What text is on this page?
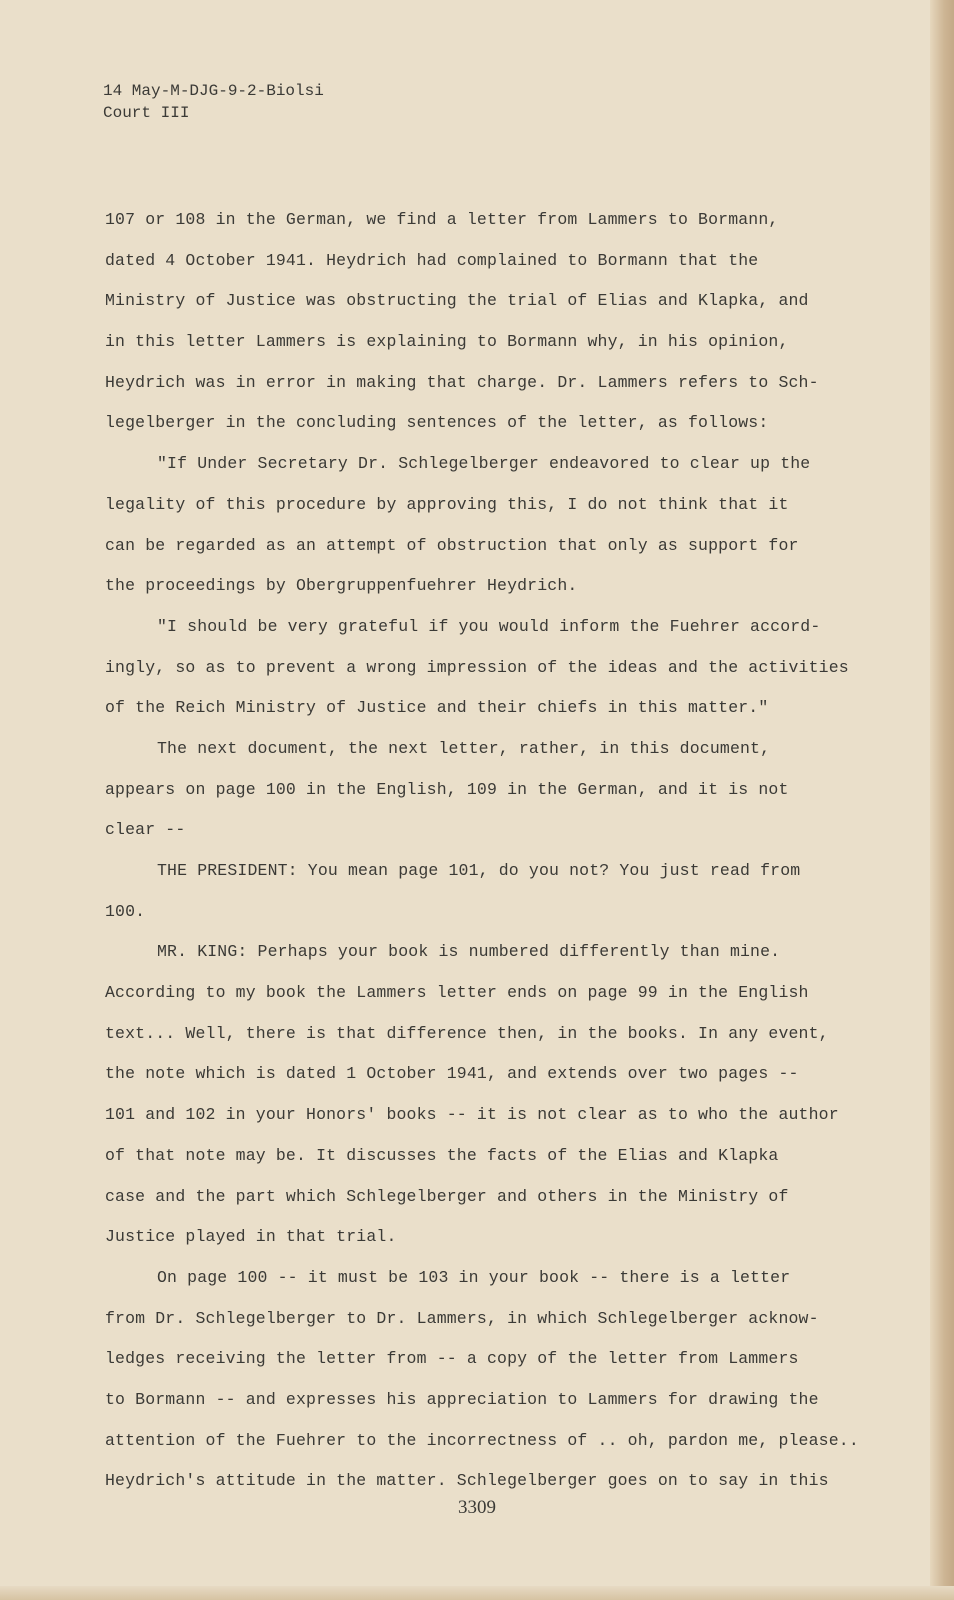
14 May-M-DJG-9-2-Biolsi
Court III
107 or 108 in the German, we find a letter from Lammers to Bormann,
dated 4 October 1941. Heydrich had complained to Bormann that the
Ministry of Justice was obstructing the trial of Elias and Klapka, and
in this letter Lammers is explaining to Bormann why, in his opinion,
Heydrich was in error in making that charge. Dr. Lammers refers to Sch-
legelberger in the concluding sentences of the letter, as follows:
"If Under Secretary Dr. Schlegelberger endeavored to clear up the
legality of this procedure by approving this, I do not think that it
can be regarded as an attempt of obstruction that only as support for
the proceedings by Obergruppenfuehrer Heydrich.
"I should be very grateful if you would inform the Fuehrer accord-
ingly, so as to prevent a wrong impression of the ideas and the activities
of the Reich Ministry of Justice and their chiefs in this matter."
The next document, the next letter, rather, in this document,
appears on page 100 in the English, 109 in the German, and it is not
clear --
THE PRESIDENT: You mean page 101, do you not? You just read from
100.
MR. KING: Perhaps your book is numbered differently than mine.
According to my book the Lammers letter ends on page 99 in the English
text... Well, there is that difference then, in the books. In any event,
the note which is dated 1 October 1941, and extends over two pages --
101 and 102 in your Honors' books -- it is not clear as to who the author
of that note may be. It discusses the facts of the Elias and Klapka
case and the part which Schlegelberger and others in the Ministry of
Justice played in that trial.
On page 100 -- it must be 103 in your book -- there is a letter
from Dr. Schlegelberger to Dr. Lammers, in which Schlegelberger acknow-
ledges receiving the letter from -- a copy of the letter from Lammers
to Bormann -- and expresses his appreciation to Lammers for drawing the
attention of the Fuehrer to the incorrectness of .. oh, pardon me, please..
Heydrich's attitude in the matter. Schlegelberger goes on to say in this
3309
